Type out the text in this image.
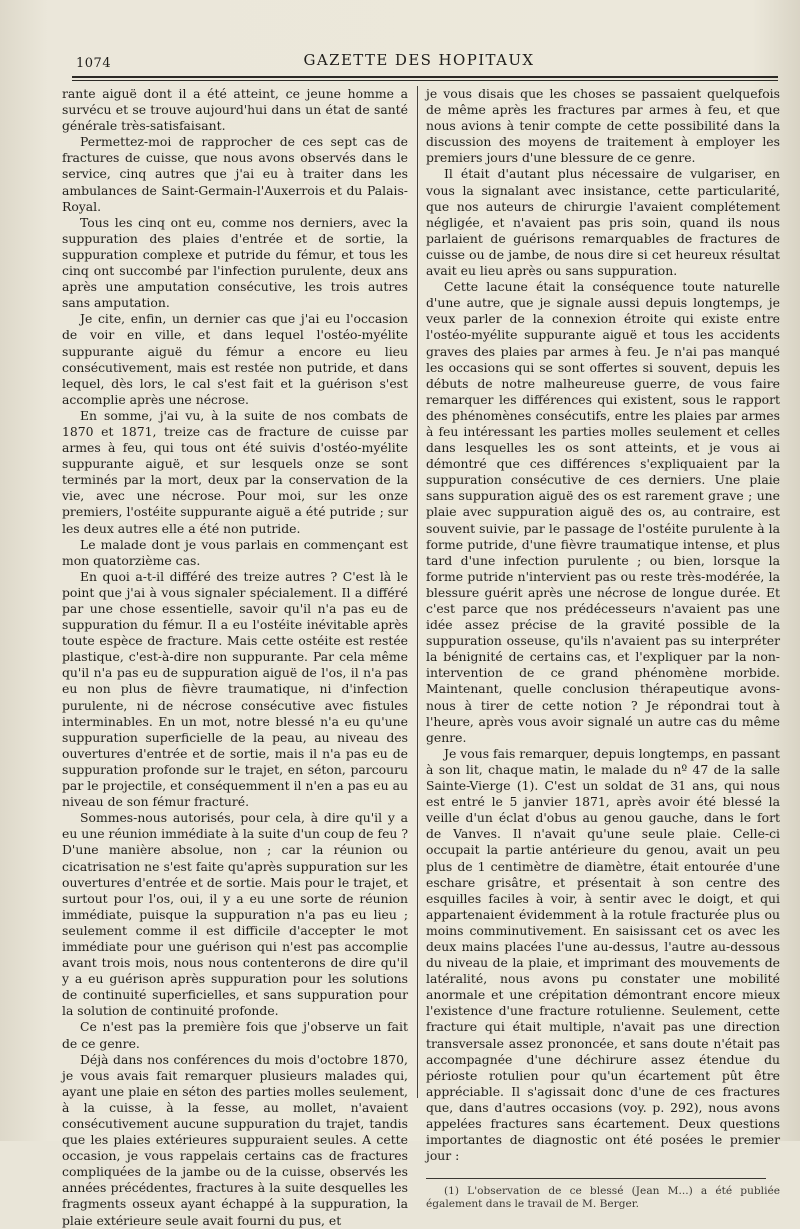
1074	GAZETTE DES HOPITAUX

rante aiguë dont il a été atteint, ce jeune homme a survécu et se trouve aujourd'hui dans un état de santé générale très-satisfaisant.

Permettez-moi de rapprocher de ces sept cas de fractures de cuisse, que nous avons observés dans le service, cinq autres que j'ai eu à traiter dans les ambulances de Saint-Germain-l'Auxerrois et du Palais-Royal.

Tous les cinq ont eu, comme nos derniers, avec la suppuration des plaies d'entrée et de sortie, la suppuration complexe et putride du fémur, et tous les cinq ont succombé par l'infection purulente, deux ans après une amputation consécutive, les trois autres sans amputation.

Je cite, enfin, un dernier cas que j'ai eu l'occasion de voir en ville, et dans lequel l'ostéo-myélite suppurante aiguë du fémur a encore eu lieu consécutivement, mais est restée non putride, et dans lequel, dès lors, le cal s'est fait et la guérison s'est accomplie après une nécrose.

En somme, j'ai vu, à la suite de nos combats de 1870 et 1871, treize cas de fracture de cuisse par armes à feu, qui tous ont été suivis d'ostéo-myélite suppurante aiguë, et sur lesquels onze se sont terminés par la mort, deux par la conservation de la vie, avec une nécrose. Pour moi, sur les onze premiers, l'ostéite suppurante aiguë a été putride ; sur les deux autres elle a été non putride.

Le malade dont je vous parlais en commençant est mon quatorzième cas.

En quoi a-t-il différé des treize autres ? C'est là le point que j'ai à vous signaler spécialement. Il a différé par une chose essentielle, savoir qu'il n'a pas eu de suppuration du fémur. Il a eu l'ostéite inévitable après toute espèce de fracture. Mais cette ostéite est restée plastique, c'est-à-dire non suppurante. Par cela même qu'il n'a pas eu de suppuration aiguë de l'os, il n'a pas eu non plus de fièvre traumatique, ni d'infection purulente, ni de nécrose consécutive avec fistules interminables. En un mot, notre blessé n'a eu qu'une suppuration superficielle de la peau, au niveau des ouvertures d'entrée et de sortie, mais il n'a pas eu de suppuration profonde sur le trajet, en séton, parcouru par le projectile, et conséquemment il n'en a pas eu au niveau de son fémur fracturé.

Sommes-nous autorisés, pour cela, à dire qu'il y a eu une réunion immédiate à la suite d'un coup de feu ? D'une manière absolue, non ; car la réunion ou cicatrisation ne s'est faite qu'après suppuration sur les ouvertures d'entrée et de sortie. Mais pour le trajet, et surtout pour l'os, oui, il y a eu une sorte de réunion immédiate, puisque la suppuration n'a pas eu lieu ; seulement comme il est difficile d'accepter le mot immédiate pour une guérison qui n'est pas accomplie avant trois mois, nous nous contenterons de dire qu'il y a eu guérison après suppuration pour les solutions de continuité superficielles, et sans suppuration pour la solution de continuité profonde.

Ce n'est pas la première fois que j'observe un fait de ce genre.

Déjà dans nos conférences du mois d'octobre 1870, je vous avais fait remarquer plusieurs malades qui, ayant une plaie en séton des parties molles seulement, à la cuisse, à la fesse, au mollet, n'avaient consécutivement aucune suppuration du trajet, tandis que les plaies extérieures suppuraient seules. A cette occasion, je vous rappelais certains cas de fractures compliquées de la jambe ou de la cuisse, observés les années précédentes, fractures à la suite desquelles les fragments osseux ayant échappé à la suppuration, la plaie extérieure seule avait fourni du pus, et

je vous disais que les choses se passaient quelquefois de même après les fractures par armes à feu, et que nous avions à tenir compte de cette possibilité dans la discussion des moyens de traitement à employer les premiers jours d'une blessure de ce genre.

Il était d'autant plus nécessaire de vulgariser, en vous la signalant avec insistance, cette particularité, que nos auteurs de chirurgie l'avaient complétement négligée, et n'avaient pas pris soin, quand ils nous parlaient de guérisons remarquables de fractures de cuisse ou de jambe, de nous dire si cet heureux résultat avait eu lieu après ou sans suppuration.

Cette lacune était la conséquence toute naturelle d'une autre, que je signale aussi depuis longtemps, je veux parler de la connexion étroite qui existe entre l'ostéo-myélite suppurante aiguë et tous les accidents graves des plaies par armes à feu. Je n'ai pas manqué les occasions qui se sont offertes si souvent, depuis les débuts de notre malheureuse guerre, de vous faire remarquer les différences qui existent, sous le rapport des phénomènes consécutifs, entre les plaies par armes à feu intéressant les parties molles seulement et celles dans lesquelles les os sont atteints, et je vous ai démontré que ces différences s'expliquaient par la suppuration consécutive de ces derniers. Une plaie sans suppuration aiguë des os est rarement grave ; une plaie avec suppuration aiguë des os, au contraire, est souvent suivie, par le passage de l'ostéite purulente à la forme putride, d'une fièvre traumatique intense, et plus tard d'une infection purulente ; ou bien, lorsque la forme putride n'intervient pas ou reste très-modérée, la blessure guérit après une nécrose de longue durée. Et c'est parce que nos prédécesseurs n'avaient pas une idée assez précise de la gravité possible de la suppuration osseuse, qu'ils n'avaient pas su interpréter la bénignité de certains cas, et l'expliquer par la non-intervention de ce grand phénomène morbide. Maintenant, quelle conclusion thérapeutique avons-nous à tirer de cette notion ? Je répondrai tout à l'heure, après vous avoir signalé un autre cas du même genre.

Je vous fais remarquer, depuis longtemps, en passant à son lit, chaque matin, le malade du nº 47 de la salle Sainte-Vierge (1). C'est un soldat de 31 ans, qui nous est entré le 5 janvier 1871, après avoir été blessé la veille d'un éclat d'obus au genou gauche, dans le fort de Vanves. Il n'avait qu'une seule plaie. Celle-ci occupait la partie antérieure du genou, avait un peu plus de 1 centimètre de diamètre, était entourée d'une eschare grisâtre, et présentait à son centre des esquilles faciles à voir, à sentir avec le doigt, et qui appartenaient évidemment à la rotule fracturée plus ou moins comminutivement. En saisissant cet os avec les deux mains placées l'une au-dessus, l'autre au-dessous du niveau de la plaie, et imprimant des mouvements de latéralité, nous avons pu constater une mobilité anormale et une crépitation démontrant encore mieux l'existence d'une fracture rotulienne. Seulement, cette fracture qui était multiple, n'avait pas une direction transversale assez prononcée, et sans doute n'était pas accompagnée d'une déchirure assez étendue du périoste rotulien pour qu'un écartement pût être appréciable. Il s'agissait donc d'une de ces fractures que, dans d'autres occasions (voy. p. 292), nous avons appelées fractures sans écartement. Deux questions importantes de diagnostic ont été posées le premier jour :

(1) L'observation de ce blessé (Jean M...) a été publiée également dans le travail de M. Berger.
